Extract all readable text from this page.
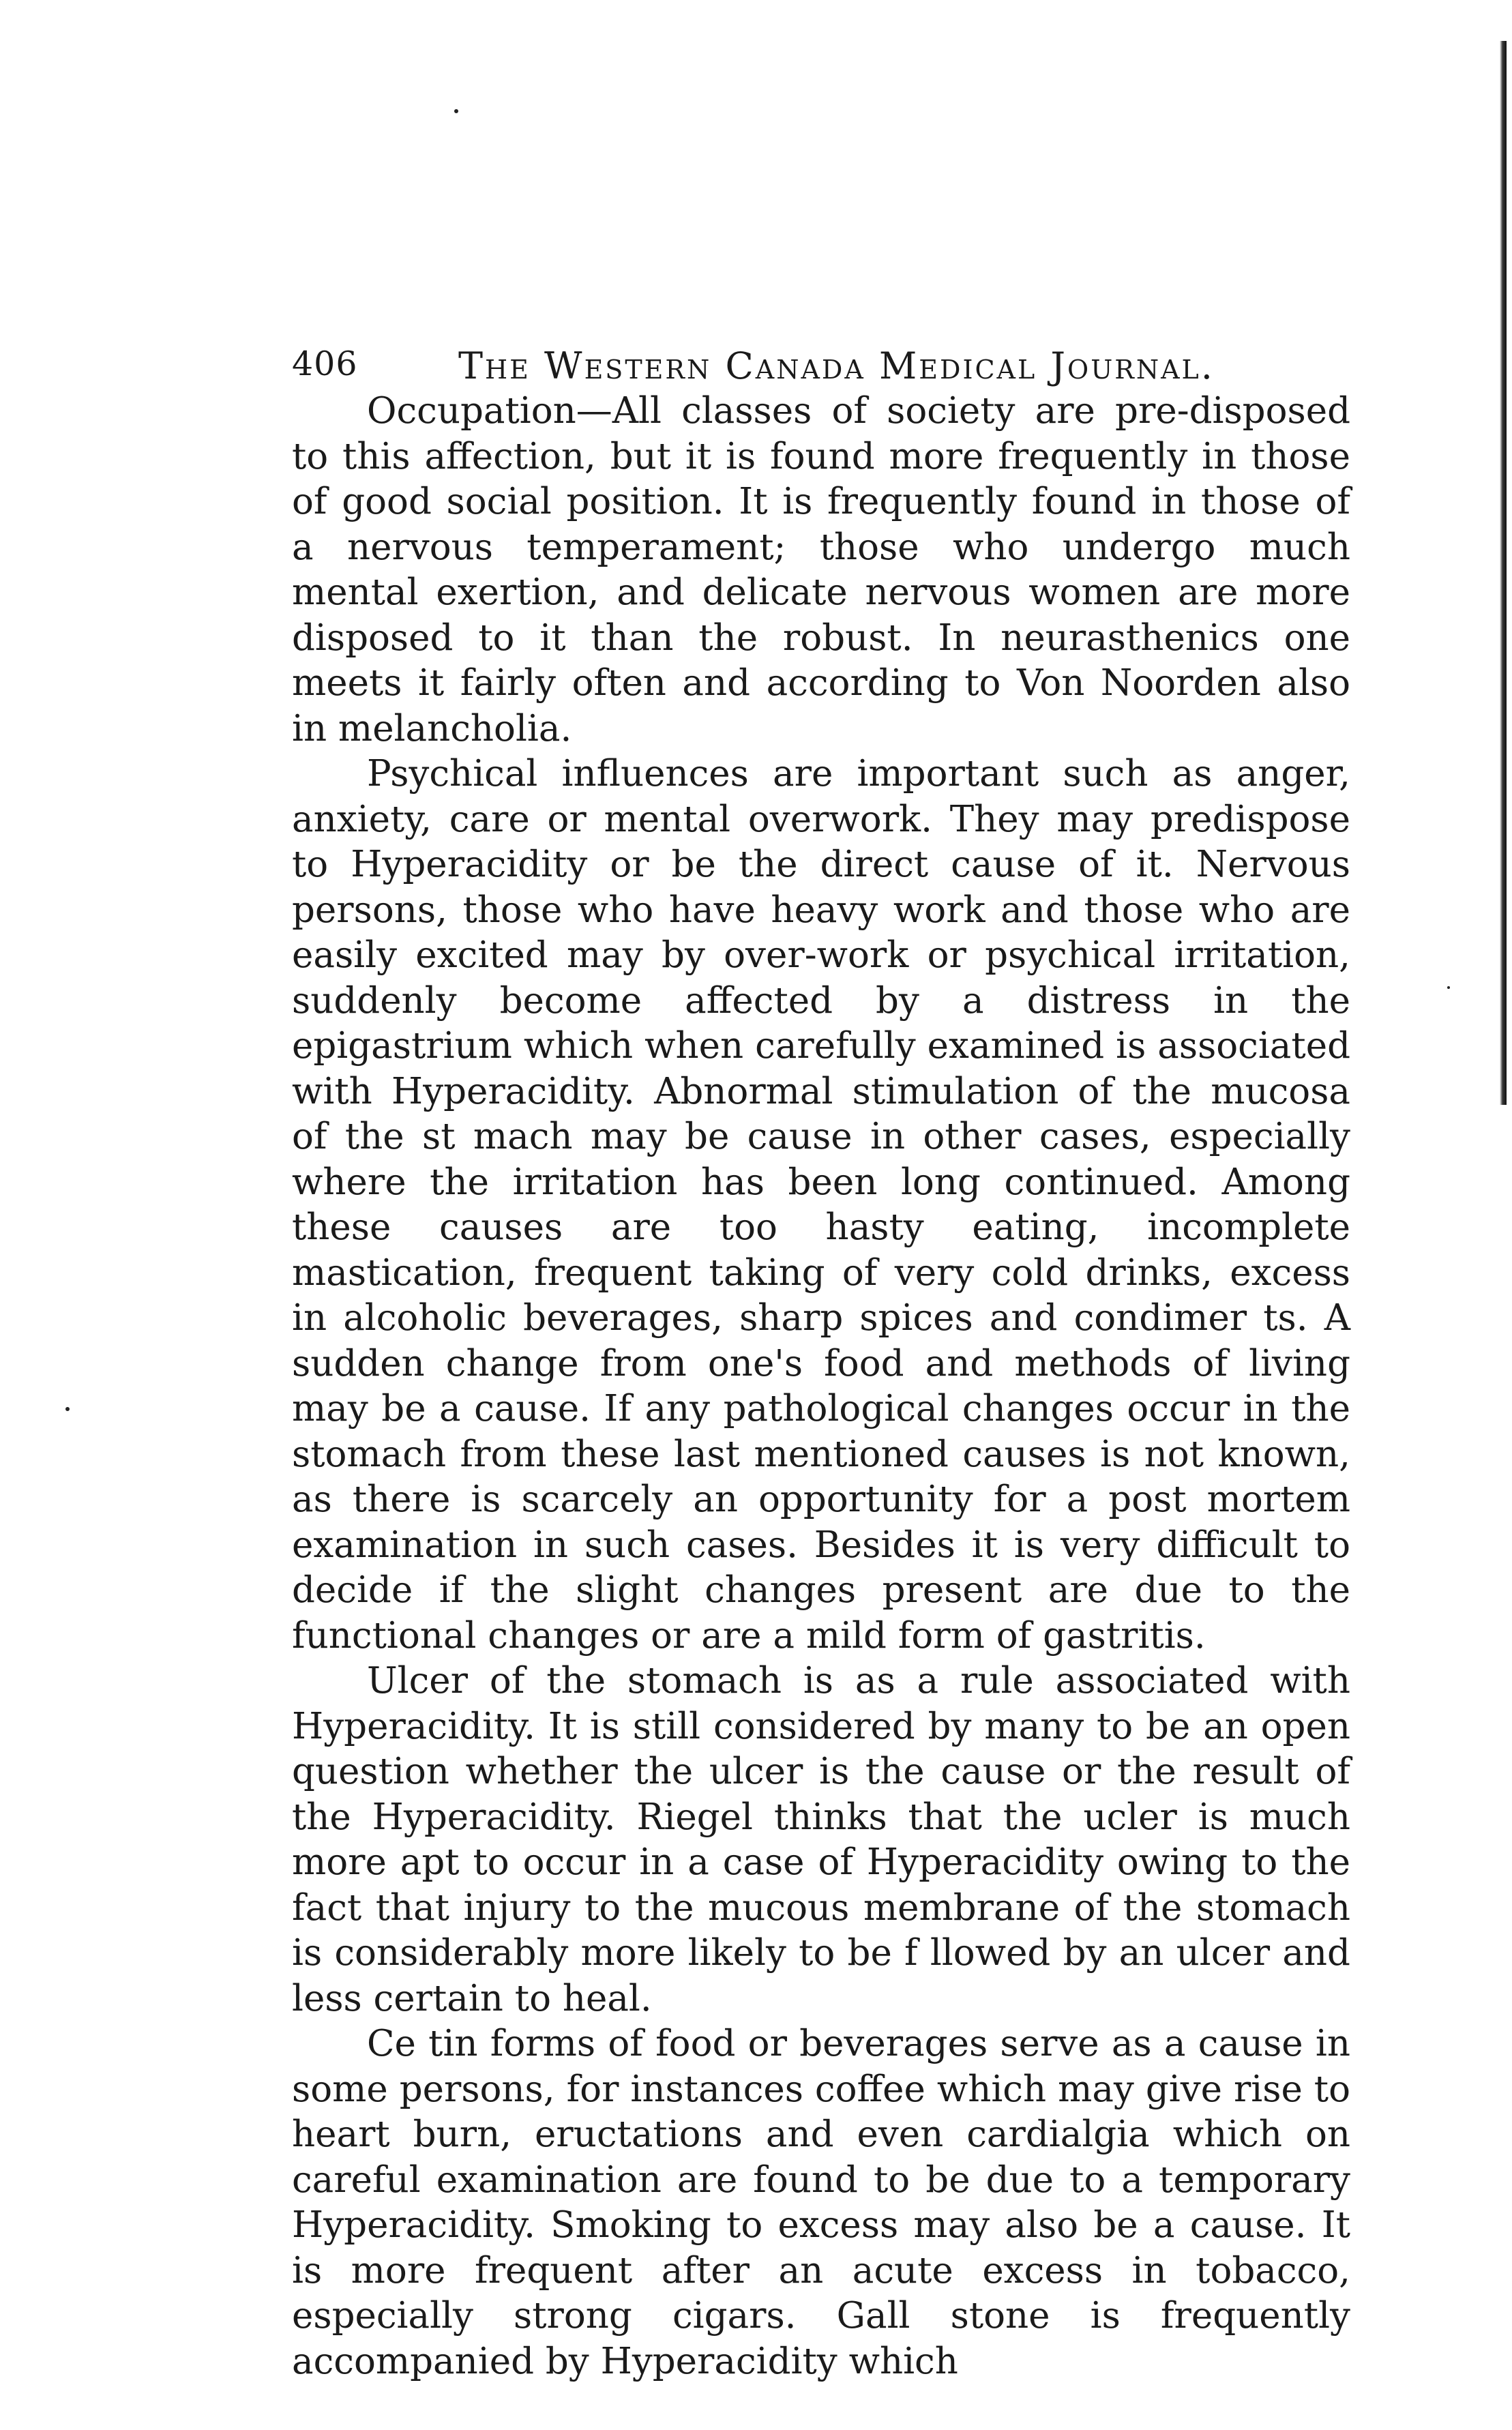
406	The Western Canada Medical Journal.

Occupation—All classes of society are pre-disposed to this affection, but it is found more frequently in those of good social position. It is frequently found in those of a nervous temperament; those who undergo much mental exertion, and delicate nervous women are more disposed to it than the robust. In neurasthenics one meets it fairly often and according to Von Noorden also in melancholia.

Psychical influences are important such as anger, anxiety, care or mental overwork. They may predispose to Hyperacidity or be the direct cause of it. Nervous persons, those who have heavy work and those who are easily excited may by over-work or psychical irritation, suddenly become affected by a distress in the epigastrium which when carefully examined is associated with Hyperacidity. Abnormal stimulation of the mucosa of the st mach may be cause in other cases, especially where the irritation has been long continued. Among these causes are too hasty eating, incomplete mastication, frequent taking of very cold drinks, excess in alcoholic beverages, sharp spices and condimer ts. A sudden change from one's food and methods of living may be a cause. If any pathological changes occur in the stomach from these last mentioned causes is not known, as there is scarcely an opportunity for a post mortem examination in such cases. Besides it is very difficult to decide if the slight changes present are due to the functional changes or are a mild form of gastritis.

Ulcer of the stomach is as a rule associated with Hyperacidity. It is still considered by many to be an open question whether the ulcer is the cause or the result of the Hyperacidity. Riegel thinks that the ucler is much more apt to occur in a case of Hyperacidity owing to the fact that injury to the mucous membrane of the stomach is considerably more likely to be f llowed by an ulcer and less certain to heal.

Ce tin forms of food or beverages serve as a cause in some persons, for instances coffee which may give rise to heart burn, eructations and even cardialgia which on careful examination are found to be due to a temporary Hyperacidity. Smoking to excess may also be a cause. It is more frequent after an acute excess in tobacco, especially strong cigars. Gall stone is frequently accompanied by Hyperacidity which
